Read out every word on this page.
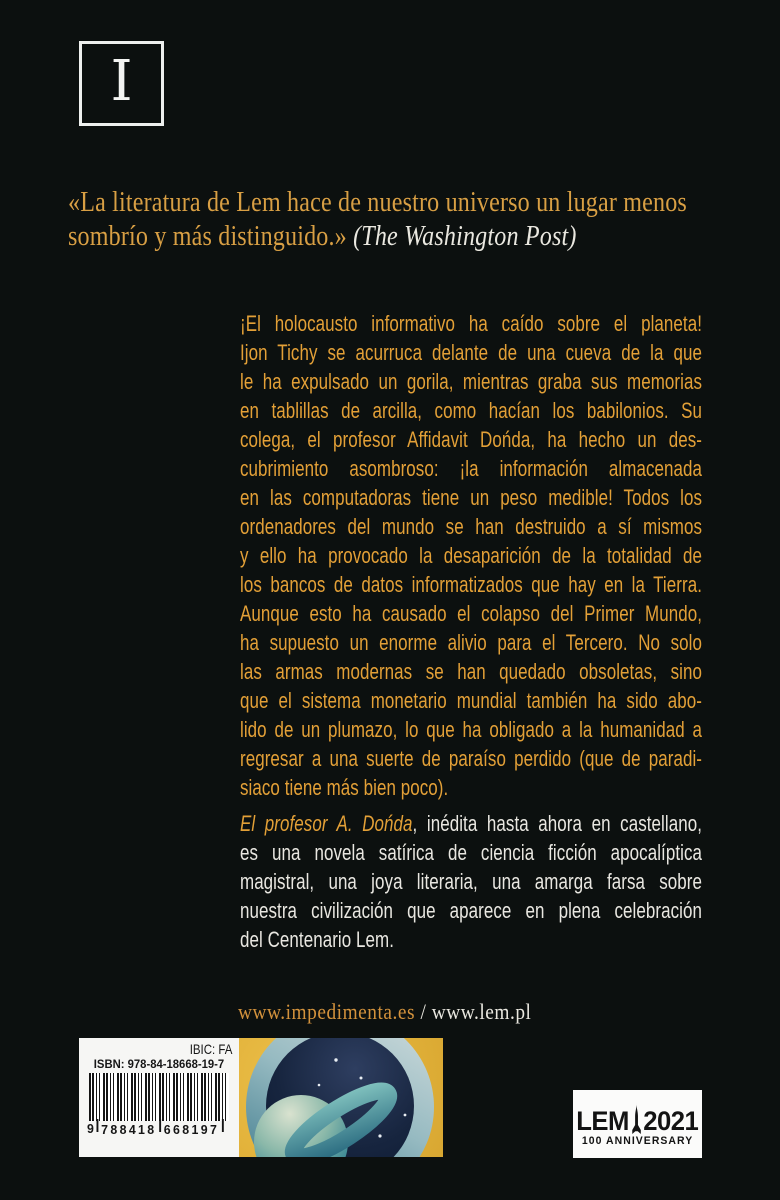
I
«La literatura de Lem hace de nuestro universo un lugar menos
sombrío y más distinguido.» (The Washington Post)
¡El holocausto informativo ha caído sobre el planeta!
Ijon Tichy se acurruca delante de una cueva de la que
le ha expulsado un gorila, mientras graba sus memorias
en tablillas de arcilla, como hacían los babilonios. Su
colega, el profesor Affidavit Dońda, ha hecho un des-
cubrimiento asombroso: ¡la información almacenada
en las computadoras tiene un peso medible! Todos los
ordenadores del mundo se han destruido a sí mismos
y ello ha provocado la desaparición de la totalidad de
los bancos de datos informatizados que hay en la Tierra.
Aunque esto ha causado el colapso del Primer Mundo,
ha supuesto un enorme alivio para el Tercero. No solo
las armas modernas se han quedado obsoletas, sino
que el sistema monetario mundial también ha sido abo-
lido de un plumazo, lo que ha obligado a la humanidad a
regresar a una suerte de paraíso perdido (que de paradi-
siaco tiene más bien poco).
El profesor A. Dońda, inédita hasta ahora en castellano,
es una novela satírica de ciencia ficción apocalíptica
magistral, una joya literaria, una amarga farsa sobre
nuestra civilización que aparece en plena celebración
del Centenario Lem.
www.impedimenta.es / www.lem.pl
IBIC: FA
ISBN: 978-84-18668-19-7
9 788418 668197	LEM 2021
100 ANNIVERSARY
